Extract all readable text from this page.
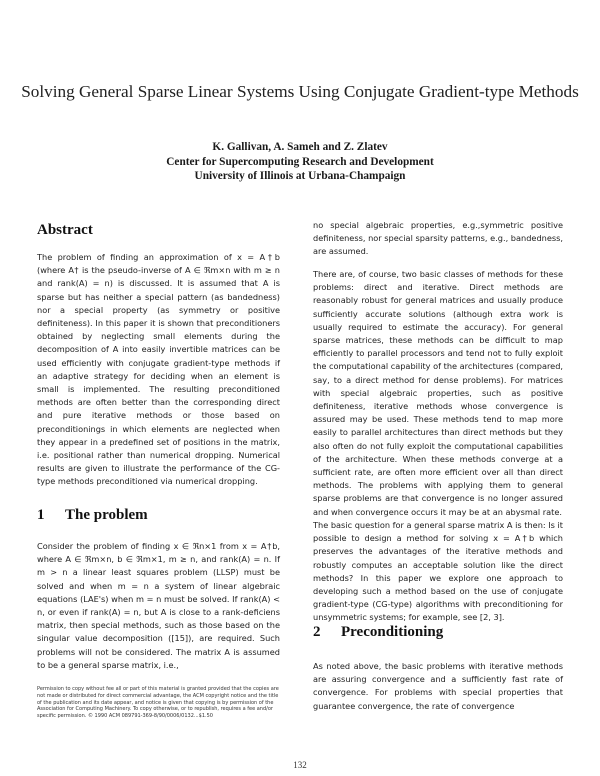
Solving General Sparse Linear Systems Using Conjugate Gradient-type Methods
K. Gallivan, A. Sameh and Z. Zlatev
Center for Supercomputing Research and Development
University of Illinois at Urbana-Champaign
Abstract

The problem of finding an approximation of x = A†b (where A† is the pseudo-inverse of A ∈ ℜm×n with m ≥ n and rank(A) = n) is discussed. It is assumed that A is sparse but has neither a special pattern (as bandedness) nor a special property (as symmetry or positive definiteness). In this paper it is shown that preconditioners obtained by neglecting small elements during the decomposition of A into easily invertible matrices can be used efficiently with conjugate gradient-type methods if an adaptive strategy for deciding when an element is small is implemented. The resulting preconditioned methods are often better than the corresponding direct and pure iterative methods or those based on preconditionings in which elements are neglected when they appear in a predefined set of positions in the matrix, i.e. positional rather than numerical dropping. Numerical results are given to illustrate the performance of the CG-type methods preconditioned via numerical dropping.

1 The problem

Consider the problem of finding x ∈ ℜn×1 from x = A†b, where A ∈ ℜm×n, b ∈ ℜm×1, m ≥ n, and rank(A) = n. If m > n a linear least squares problem (LLSP) must be solved and when m = n a system of linear algebraic equations (LAE's) when m = n must be solved. If rank(A) < n, or even if rank(A) = n, but A is close to a rank-deficiens matrix, then special methods, such as those based on the singular value decomposition ([15]), are required. Such problems will not be considered. The matrix A is assumed to be a general sparse matrix, i.e.,

Permission to copy without fee all or part of this material is granted provided that the copies are not made or distributed for direct commercial advantage, the ACM copyright notice and the title of the publication and its date appear, and notice is given that copying is by permission of the Association for Computing Machinery. To copy otherwise, or to republish, requires a fee and/or specific permission. © 1990 ACM 089791-369-8/90/0006/0132...$1.50

no special algebraic properties, e.g.,symmetric positive definiteness, nor special sparsity patterns, e.g., bandedness, are assumed.

There are, of course, two basic classes of methods for these problems: direct and iterative. Direct methods are reasonably robust for general matrices and usually produce sufficiently accurate solutions (although extra work is usually required to estimate the accuracy). For general sparse matrices, these methods can be difficult to map efficiently to parallel processors and tend not to fully exploit the computational capability of the architectures (compared, say, to a direct method for dense problems). For matrices with special algebraic properties, such as positive definiteness, iterative methods whose convergence is assured may be used. These methods tend to map more easily to parallel architectures than direct methods but they also often do not fully exploit the computational capabilities of the architecture. When these methods converge at a sufficient rate, are often more efficient over all than direct methods. The problems with applying them to general sparse problems are that convergence is no longer assured and when convergence occurs it may be at an abysmal rate.

The basic question for a general sparse matrix A is then: Is it possible to design a method for solving x = A†b which preserves the advantages of the iterative methods and robustly computes an acceptable solution like the direct methods? In this paper we explore one approach to developing such a method based on the use of conjugate gradient-type (CG-type) algorithms with preconditioning for unsymmetric systems; for example, see [2, 3].

2 Preconditioning

As noted above, the basic problems with iterative methods are assuring convergence and a sufficiently fast rate of convergence. For problems with special properties that guarantee convergence, the rate of convergence

132
